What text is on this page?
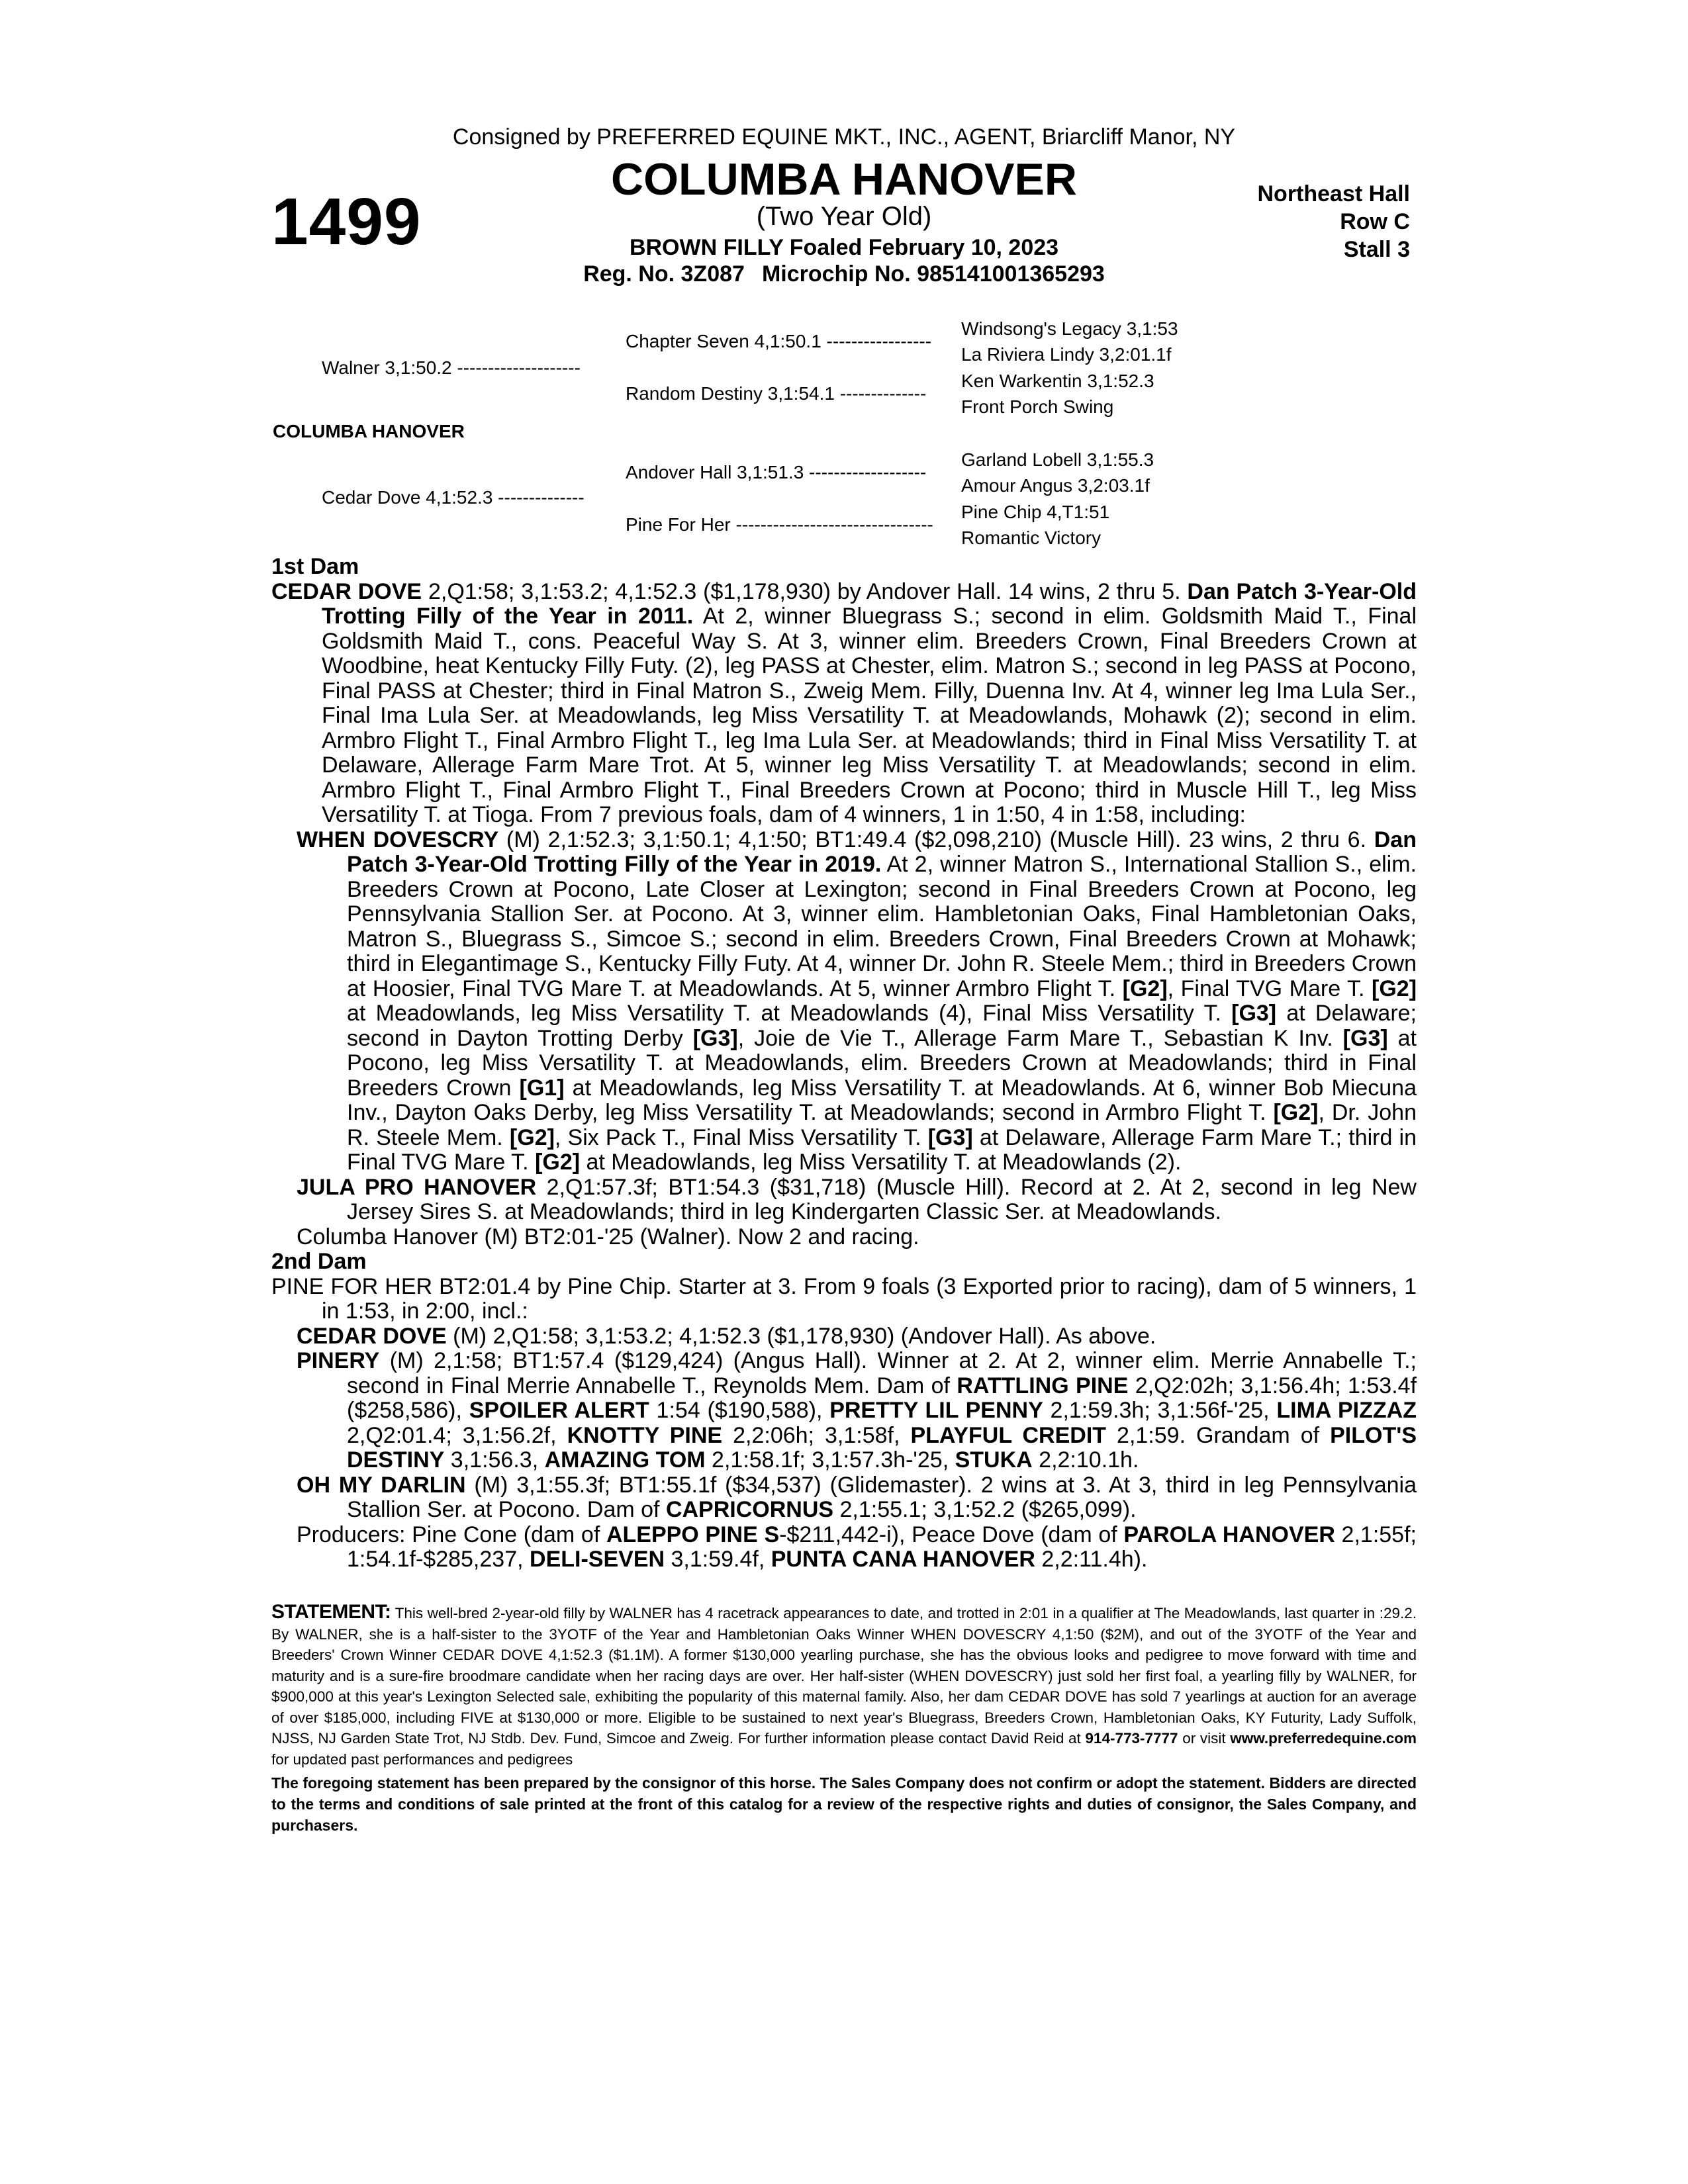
Consigned by PREFERRED EQUINE MKT., INC., AGENT, Briarcliff Manor, NY
1499
COLUMBA HANOVER
(Two Year Old)
BROWN FILLY Foaled February 10, 2023
Reg. No. 3Z087 Microchip No. 985141001365293
Northeast Hall
Row C
Stall 3
COLUMBA HANOVER
Walner 3,1:50.2 --------------------
Cedar Dove 4,1:52.3 --------------
Chapter Seven 4,1:50.1 -----------------
Random Destiny 3,1:54.1 --------------
Andover Hall 3,1:51.3 -------------------
Pine For Her --------------------------------
Windsong's Legacy 3,1:53
La Riviera Lindy 3,2:01.1f
Ken Warkentin 3,1:52.3
Front Porch Swing
Garland Lobell 3,1:55.3
Amour Angus 3,2:03.1f
Pine Chip 4,T1:51
Romantic Victory
1st Dam
CEDAR DOVE 2,Q1:58; 3,1:53.2; 4,1:52.3 ($1,178,930) by Andover Hall. 14 wins, 2 thru 5. Dan Patch 3-Year-Old Trotting Filly of the Year in 2011. At 2, winner Bluegrass S.; second in elim. Goldsmith Maid T., Final Goldsmith Maid T., cons. Peaceful Way S. At 3, winner elim. Breeders Crown, Final Breeders Crown at Woodbine, heat Kentucky Filly Futy. (2), leg PASS at Chester, elim. Matron S.; second in leg PASS at Pocono, Final PASS at Chester; third in Final Matron S., Zweig Mem. Filly, Duenna Inv. At 4, winner leg Ima Lula Ser., Final Ima Lula Ser. at Meadowlands, leg Miss Versatility T. at Meadowlands, Mohawk (2); second in elim. Armbro Flight T., Final Armbro Flight T., leg Ima Lula Ser. at Meadowlands; third in Final Miss Versatility T. at Delaware, Allerage Farm Mare Trot. At 5, winner leg Miss Versatility T. at Meadowlands; second in elim. Armbro Flight T., Final Armbro Flight T., Final Breeders Crown at Pocono; third in Muscle Hill T., leg Miss Versatility T. at Tioga. From 7 previous foals, dam of 4 winners, 1 in 1:50, 4 in 1:58, including:
WHEN DOVESCRY (M) 2,1:52.3; 3,1:50.1; 4,1:50; BT1:49.4 ($2,098,210) (Muscle Hill). 23 wins, 2 thru 6. Dan Patch 3-Year-Old Trotting Filly of the Year in 2019. At 2, winner Matron S., International Stallion S., elim. Breeders Crown at Pocono, Late Closer at Lexington; second in Final Breeders Crown at Pocono, leg Pennsylvania Stallion Ser. at Pocono. At 3, winner elim. Hambletonian Oaks, Final Hambletonian Oaks, Matron S., Bluegrass S., Simcoe S.; second in elim. Breeders Crown, Final Breeders Crown at Mohawk; third in Elegantimage S., Kentucky Filly Futy. At 4, winner Dr. John R. Steele Mem.; third in Breeders Crown at Hoosier, Final TVG Mare T. at Meadowlands. At 5, winner Armbro Flight T. [G2], Final TVG Mare T. [G2] at Meadowlands, leg Miss Versatility T. at Meadowlands (4), Final Miss Versatility T. [G3] at Delaware; second in Dayton Trotting Derby [G3], Joie de Vie T., Allerage Farm Mare T., Sebastian K Inv. [G3] at Pocono, leg Miss Versatility T. at Meadowlands, elim. Breeders Crown at Meadowlands; third in Final Breeders Crown [G1] at Meadowlands, leg Miss Versatility T. at Meadowlands. At 6, winner Bob Miecuna Inv., Dayton Oaks Derby, leg Miss Versatility T. at Meadowlands; second in Armbro Flight T. [G2], Dr. John R. Steele Mem. [G2], Six Pack T., Final Miss Versatility T. [G3] at Delaware, Allerage Farm Mare T.; third in Final TVG Mare T. [G2] at Meadowlands, leg Miss Versatility T. at Meadowlands (2).
JULA PRO HANOVER 2,Q1:57.3f; BT1:54.3 ($31,718) (Muscle Hill). Record at 2. At 2, second in leg New Jersey Sires S. at Meadowlands; third in leg Kindergarten Classic Ser. at Meadowlands.
Columba Hanover (M) BT2:01-'25 (Walner). Now 2 and racing.
2nd Dam
PINE FOR HER BT2:01.4 by Pine Chip. Starter at 3. From 9 foals (3 Exported prior to racing), dam of 5 winners, 1 in 1:53, in 2:00, incl.:
CEDAR DOVE (M) 2,Q1:58; 3,1:53.2; 4,1:52.3 ($1,178,930) (Andover Hall). As above.
PINERY (M) 2,1:58; BT1:57.4 ($129,424) (Angus Hall). Winner at 2. At 2, winner elim. Merrie Annabelle T.; second in Final Merrie Annabelle T., Reynolds Mem. Dam of RATTLING PINE 2,Q2:02h; 3,1:56.4h; 1:53.4f ($258,586), SPOILER ALERT 1:54 ($190,588), PRETTY LIL PENNY 2,1:59.3h; 3,1:56f-'25, LIMA PIZZAZ 2,Q2:01.4; 3,1:56.2f, KNOTTY PINE 2,2:06h; 3,1:58f, PLAYFUL CREDIT 2,1:59. Grandam of PILOT'S DESTINY 3,1:56.3, AMAZING TOM 2,1:58.1f; 3,1:57.3h-'25, STUKA 2,2:10.1h.
OH MY DARLIN (M) 3,1:55.3f; BT1:55.1f ($34,537) (Glidemaster). 2 wins at 3. At 3, third in leg Pennsylvania Stallion Ser. at Pocono. Dam of CAPRICORNUS 2,1:55.1; 3,1:52.2 ($265,099).
Producers: Pine Cone (dam of ALEPPO PINE S-$211,442-i), Peace Dove (dam of PAROLA HANOVER 2,1:55f; 1:54.1f-$285,237, DELI-SEVEN 3,1:59.4f, PUNTA CANA HANOVER 2,2:11.4h).
STATEMENT: This well-bred 2-year-old filly by WALNER has 4 racetrack appearances to date, and trotted in 2:01 in a qualifier at The Meadowlands, last quarter in :29.2. By WALNER, she is a half-sister to the 3YOTF of the Year and Hambletonian Oaks Winner WHEN DOVESCRY 4,1:50 ($2M), and out of the 3YOTF of the Year and Breeders' Crown Winner CEDAR DOVE 4,1:52.3 ($1.1M). A former $130,000 yearling purchase, she has the obvious looks and pedigree to move forward with time and maturity and is a sure-fire broodmare candidate when her racing days are over. Her half-sister (WHEN DOVESCRY) just sold her first foal, a yearling filly by WALNER, for $900,000 at this year's Lexington Selected sale, exhibiting the popularity of this maternal family. Also, her dam CEDAR DOVE has sold 7 yearlings at auction for an average of over $185,000, including FIVE at $130,000 or more. Eligible to be sustained to next year's Bluegrass, Breeders Crown, Hambletonian Oaks, KY Futurity, Lady Suffolk, NJSS, NJ Garden State Trot, NJ Stdb. Dev. Fund, Simcoe and Zweig. For further information please contact David Reid at 914-773-7777 or visit www.preferredequine.com for updated past performances and pedigrees
The foregoing statement has been prepared by the consignor of this horse. The Sales Company does not confirm or adopt the statement. Bidders are directed to the terms and conditions of sale printed at the front of this catalog for a review of the respective rights and duties of consignor, the Sales Company, and purchasers.
